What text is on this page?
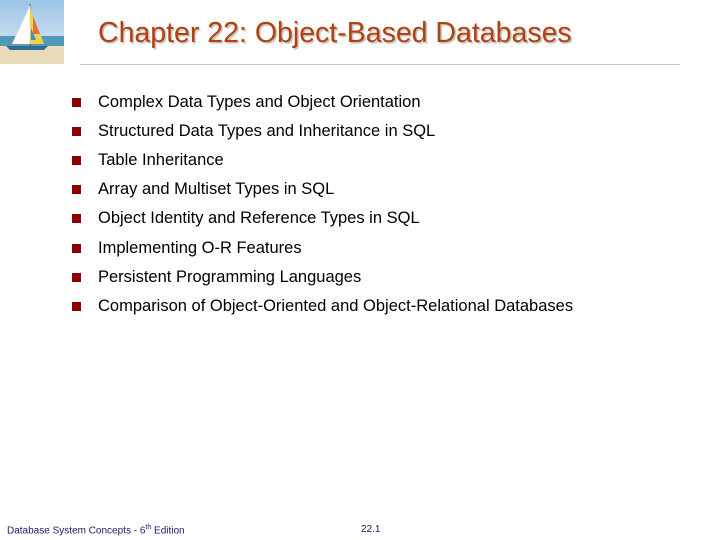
Chapter 22: Object-Based Databases
Complex Data Types and Object Orientation
Structured Data Types and Inheritance in SQL
Table Inheritance
Array and Multiset Types in SQL
Object Identity and Reference Types in SQL
Implementing O-R Features
Persistent Programming Languages
Comparison of Object-Oriented and Object-Relational Databases
Database System Concepts - 6th Edition	22.1
